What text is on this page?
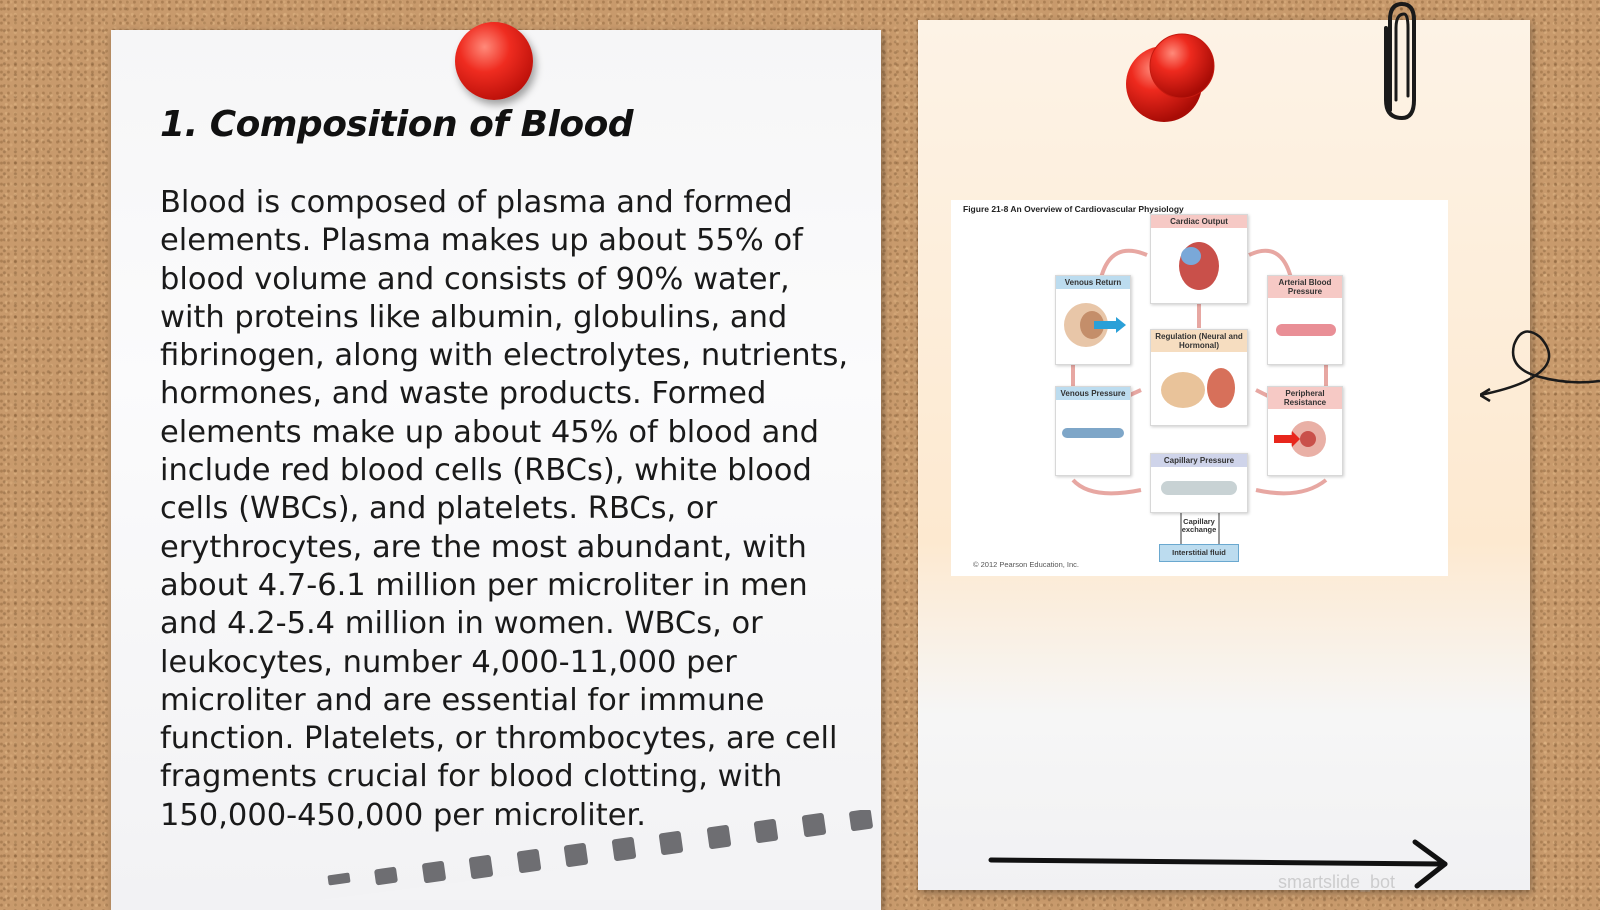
1. Composition of Blood

Blood is composed of plasma and formed elements. Plasma makes up about 55% of blood volume and consists of 90% water, with proteins like albumin, globulins, and fibrinogen, along with electrolytes, nutrients, hormones, and waste products. Formed elements make up about 45% of blood and include red blood cells (RBCs), white blood cells (WBCs), and platelets. RBCs, or erythrocytes, are the most abundant, with about 4.7-6.1 million per microliter in men and 4.2-5.4 million in women. WBCs, or leukocytes, number 4,000-11,000 per microliter and are essential for immune function. Platelets, or thrombocytes, are cell fragments crucial for blood clotting, with 150,000-450,000 per microliter.

Figure 21-8 An Overview of Cardiovascular Physiology
Cardiac Output
Venous Return	Arterial Blood Pressure
Regulation (Neural and Hormonal)
Venous Pressure	Peripheral Resistance
Capillary Pressure
Capillary exchange
Interstitial fluid
© 2012 Pearson Education, Inc.
smartslide_bot
